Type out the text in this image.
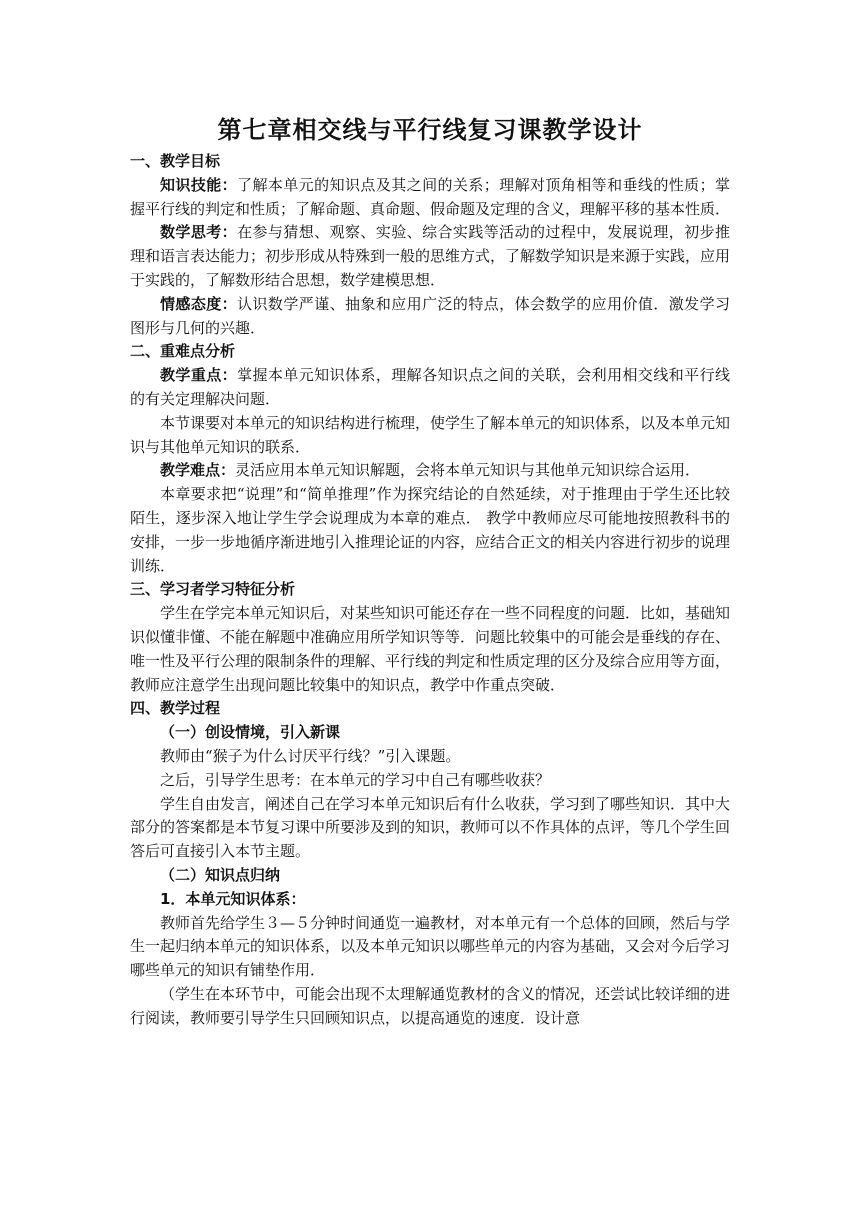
第七章相交线与平行线复习课教学设计

一、教学目标

知识技能：了解本单元的知识点及其之间的关系；理解对顶角相等和垂线的性质；掌握平行线的判定和性质；了解命题、真命题、假命题及定理的含义，理解平移的基本性质．

数学思考：在参与猜想、观察、实验、综合实践等活动的过程中，发展说理，初步推理和语言表达能力；初步形成从特殊到一般的思维方式，了解数学知识是来源于实践，应用于实践的，了解数形结合思想，数学建模思想．

情感态度：认识数学严谨、抽象和应用广泛的特点，体会数学的应用价值．激发学习图形与几何的兴趣．

二、重难点分析

教学重点：掌握本单元知识体系，理解各知识点之间的关联，会利用相交线和平行线的有关定理解决问题．

本节课要对本单元的知识结构进行梳理，使学生了解本单元的知识体系，以及本单元知识与其他单元知识的联系．

教学难点：灵活应用本单元知识解题，会将本单元知识与其他单元知识综合运用．

本章要求把“说理”和“简单推理”作为探究结论的自然延续，对于推理由于学生还比较陌生，逐步深入地让学生学会说理成为本章的难点． 教学中教师应尽可能地按照教科书的安排，一步一步地循序渐进地引入推理论证的内容，应结合正文的相关内容进行初步的说理训练．

三、学习者学习特征分析

学生在学完本单元知识后，对某些知识可能还存在一些不同程度的问题．比如，基础知识似懂非懂、不能在解题中准确应用所学知识等等．问题比较集中的可能会是垂线的存在、唯一性及平行公理的限制条件的理解、平行线的判定和性质定理的区分及综合应用等方面，教师应注意学生出现问题比较集中的知识点，教学中作重点突破．

四、教学过程

（一）创设情境，引入新课

教师由“猴子为什么讨厌平行线？”引入课题。

之后，引导学生思考：在本单元的学习中自己有哪些收获？

学生自由发言，阐述自己在学习本单元知识后有什么收获，学习到了哪些知识．其中大部分的答案都是本节复习课中所要涉及到的知识，教师可以不作具体的点评，等几个学生回答后可直接引入本节主题。

（二）知识点归纳

1．本单元知识体系：

教师首先给学生３—５分钟时间通览一遍教材，对本单元有一个总体的回顾，然后与学生一起归纳本单元的知识体系，以及本单元知识以哪些单元的内容为基础，又会对今后学习哪些单元的知识有铺垫作用．

（学生在本环节中，可能会出现不太理解通览教材的含义的情况，还尝试比较详细的进行阅读，教师要引导学生只回顾知识点，以提高通览的速度．设计意
